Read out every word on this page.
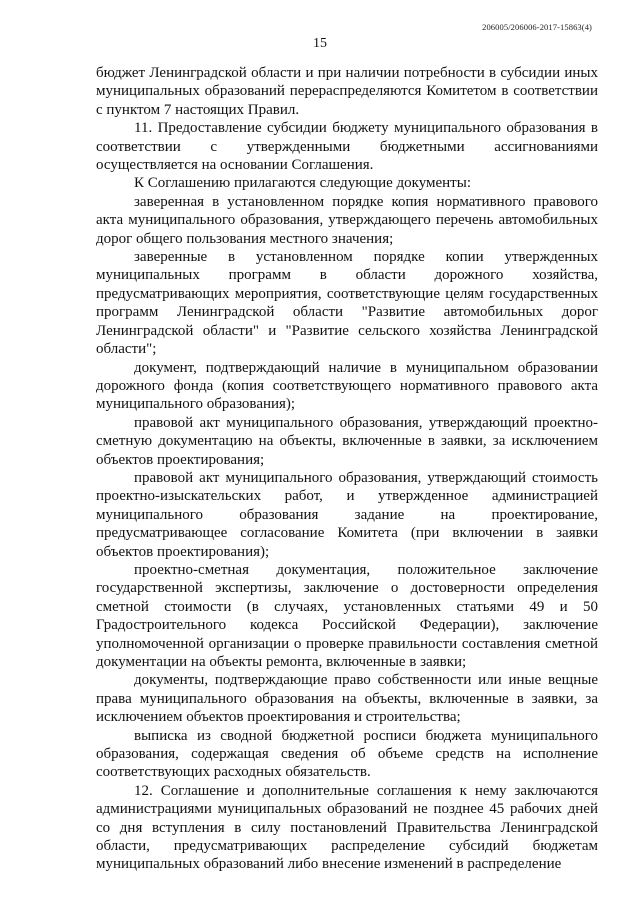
206005/206006-2017-15863(4)
15

бюджет Ленинградской области и при наличии потребности в субсидии иных муниципальных образований перераспределяются Комитетом в соответствии с пунктом 7 настоящих Правил.

11. Предоставление субсидии бюджету муниципального образования в соответствии с утвержденными бюджетными ассигнованиями осуществляется на основании Соглашения.

К Соглашению прилагаются следующие документы:

заверенная в установленном порядке копия нормативного правового акта муниципального образования, утверждающего перечень автомобильных дорог общего пользования местного значения;

заверенные в установленном порядке копии утвержденных муниципальных программ в области дорожного хозяйства, предусматривающих мероприятия, соответствующие целям государственных программ Ленинградской области "Развитие автомобильных дорог Ленинградской области" и "Развитие сельского хозяйства Ленинградской области";

документ, подтверждающий наличие в муниципальном образовании дорожного фонда (копия соответствующего нормативного правового акта муниципального образования);

правовой акт муниципального образования, утверждающий проектно-сметную документацию на объекты, включенные в заявки, за исключением объектов проектирования;

правовой акт муниципального образования, утверждающий стоимость проектно-изыскательских работ, и утвержденное администрацией муниципального образования задание на проектирование, предусматривающее согласование Комитета (при включении в заявки объектов проектирования);

проектно-сметная документация, положительное заключение государственной экспертизы, заключение о достоверности определения сметной стоимости (в случаях, установленных статьями 49 и 50 Градостроительного кодекса Российской Федерации), заключение уполномоченной организации о проверке правильности составления сметной документации на объекты ремонта, включенные в заявки;

документы, подтверждающие право собственности или иные вещные права муниципального образования на объекты, включенные в заявки, за исключением объектов проектирования и строительства;

выписка из сводной бюджетной росписи бюджета муниципального образования, содержащая сведения об объеме средств на исполнение соответствующих расходных обязательств.

12. Соглашение и дополнительные соглашения к нему заключаются администрациями муниципальных образований не позднее 45 рабочих дней со дня вступления в силу постановлений Правительства Ленинградской области, предусматривающих распределение субсидий бюджетам муниципальных образований либо внесение изменений в распределение
